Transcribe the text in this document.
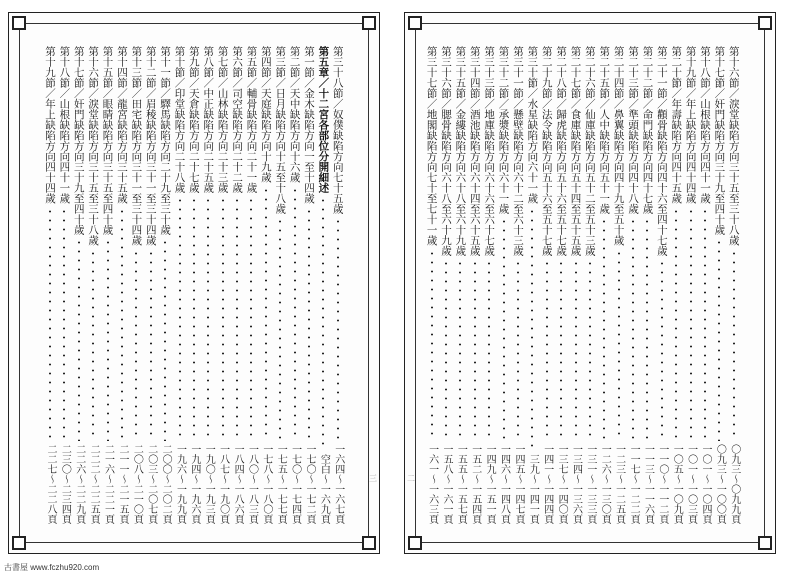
第三十八節／奴僕缺陷方向七十五歲
一六四～一六七頁
第五章／十二宮各部位分開細述
空白～一六九頁
第一節／金木缺陷方向一至十四歲
一七〇～一七二頁
第二節／天中缺陷方向十六歲
一七〇～一七四頁
第三節／日月缺陷方向十五至十八歲
一七五～一七七頁
第四節／天庭缺陷方向十九歲
一七八～一八〇頁
第五節／輔骨缺陷方向二十一歲
一八〇～一八三頁
第六節／司空缺陷方向二十二歲
一八四～一八六頁
第七節／山林缺陷方向二十三歲
一八七～一九〇頁
第八節／中正缺陷方向二十五歲
一九〇～一九三頁
第九節／天倉缺陷方向二十七歲
一九四～一九六頁
第十節／印堂缺陷方向二十八歲
一九六～一九九頁
第十一節／驛馬缺陷方向二十九至三十歲
二〇〇～二〇二頁
第十二節／眉稜缺陷方向三十一至三十四歲
二〇三～二〇七頁
第十三節／田宅缺陷方向三十一至三十四歲
二〇八～二一〇頁
第十四節／龍宮缺陷方向三十五歲
二一一～二一五頁
第十五節／眼睛缺陷方向三十五至四十歲
二一六～二二一頁
第十六節／淚堂缺陷方向三十五至三十八歲
二二二～二二五頁
第十七節／奸門缺陷方向三十九至四十歲
二二六～二二九頁
第十八節／山根缺陷方向四十一歲
二三〇～二三四頁
第十九節／年上缺陷方向四十四歲
二二七～二二八頁	三
第十六節／淚堂缺陷方向三十五至三十八歲
〇九三～〇九九頁
第十七節／奸門缺陷方向三十九至四十歲
〇九三～一〇〇頁
第十八節／山根缺陷方向四十一歲
一〇一～一〇四頁
第十九節／年上缺陷方向四十四歲
一〇一～一〇三頁
第二十節／年壽缺陷方向四十五歲
一〇五～一〇九頁
第二十一節／顴骨缺陷方向四十六至四十七歲
一一〇～一一二頁
第二十二節／命門缺陷方向四十七歲
一一三～一一六頁
第二十三節／準頭缺陷方向四十八歲
一一七～一二二頁
第二十四節／鼻翼缺陷方向四十九至五十歲
一二三～一二五頁
第二十五節／人中缺陷方向五十一歲
一二六～一三〇頁
第二十六節／仙庫缺陷方向五十二至五十三歲
一三一～一三三頁
第二十七節／食庫缺陷方向五十四至五十五歲
一三四～一三六頁
第二十八節／歸虎缺陷方向五十六至五十七歲
一三七～一四〇頁
第二十九節／法令缺陷方向五十六至五十七歲
一四一～一四四頁
第三十節／水星缺陷方向六十一歲
三九～一四一頁
第三十一節／懸壁缺陷方向六十二至六十三歲
一四五～一四七頁
第三十二節／承漿缺陷方向六十一歲
一四六～一四八頁
第三十三節／地庫缺陷方向六十六至六十七歲
一四九～一五一頁
第三十四節／酒池缺陷方向六十四至六十五歲
一五二～一五四頁
第三十五節／金縷缺陷方向六十八至六十九歲
一五五～一五七頁
第三十六節／腮骨缺陷方向六十八至六十九歲
一五八～一六一頁
第三十七節／地閣缺陷方向七十至七十一歲
一六一～一六三頁
二
古書屋 www.fczhu920.com
